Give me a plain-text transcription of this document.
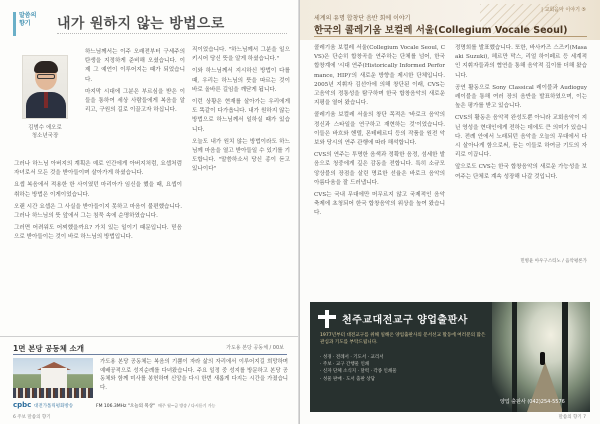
말씀의
향기	내가 원하지 않는 방법으로
김범수 에오로
청소년국장
하느님께서는 이주 오래전부터 구세주의 탄생을 지정하게 준비해 오셨습니다. 이제 그 예언이 이루어지는 때가 되었습니다.
마지막 시대에 그분은 부르심을 받은 이들을 통하여 세상 사람들에게 복음을 알리고, 구원의 길로 이끌고자 하십니다.
그러나 하느님 아버지의 계획은 예로 인간에게 아버지처럼, 요셉처럼 자녀로서 모든 것을 받아들이며 살아가게 하셨습니다.
요셉 복음에서 적용한 한 사이였던 마리아가 임신을 했을 때, 요셉이 취하는 방법은 이게이었습니다.
오랜 시간 요셉은 그 사실을 받아들이지 못하고 마음이 불편했습니다. 그러나 하느님의 뜻 앞에서 그는 침묵 속에 순명하였습니다.
그러면 어려워도 어찌했을까요? 가치 있는 일이기 때문입니다. 믿음으로 받아들이는 것이 바로 하느님의 방법입니다.
직이었습니다. "하느님께서 그분을 일으키시어 당신 뜻을 알게 하셨습니다."
이와 하느님께서 지시하신 방법이 다를 때, 우리는 하느님의 뜻을 따르는 것이 바로 올바른 길임을 깨닫게 됩니다.
이런 상황은 현재를 살아가는 우리에게도 똑같이 다가옵니다. 내가 원하지 않는 방법으로 하느님께서 일하실 때가 있습니다.
오늘도 내가 원치 않는 방법이라도 하느님께 마음을 열고 받아들일 수 있기를 기도합니다. "말씀하소서 당신 종이 듣고 있나이다"
1면 본당 공동체 소개	가도용 본당 공동체 / 00보
가도용 본당 공동체는 복음의 기쁨이 자라 삶의 자리에서 이루어지길 희망하며 예배공적으로 성지순례를 다녀왔습니다. 주요 일정 중 성지를 방문하고 본당 공동체와 함께 미사를 봉헌하며 신앙을 다시 한번 새롭게 다지는 시간을 가졌습니다.
cpbc 대전가톨릭평화방송	FM 106.3MHz "오늘의 묵상" 매주 월~금 방송 / 다시듣기 가능
6 주보 말씀의 향기
| 교회음악 이야기 ⑤
세계의 유명 합창단 음반 회에 이야기
한국의 콜레기움 보컬레 서울(Collegium Vocale Seoul)
콜레기움 보컬레 서울(Collegium Vocale Seoul, CVS)은 단순히 합창곡을 연주하는 단체를 넘어, 한국 합창계에 '시대 연주(Historically Informed Performance, HIP)'의 새로운 방향을 제시한 단체입니다. 2005년 지휘자 김선아에 의해 창단된 이래, CVS는 고음악의 정통성을 탐구하며 한국 합창음악의 새로운 지평을 열어 왔습니다.
콜레기움 보컬레 서울의 창단 목적은 '바로크 음악의 정신과 스타일을 연구하고 재현하는 것'이었습니다. 이들은 바흐와 헨델, 몬테베르디 등의 작품을 원전 악보와 당시의 연주 관행에 따라 해석합니다.
CVS의 연주는 투명한 음색과 정확한 음정, 섬세한 발음으로 청중에게 깊은 감동을 전합니다. 특히 소규모 앙상블의 장점을 살린 명료한 선율은 바로크 음악의 아름다움을 잘 드러냅니다.
CVS는 국내 무대에만 머무르지 않고 국제적인 음악 축제에 초청되어 한국 합창음악의 위상을 높여 왔습니다.
정명희를 발표했습니다. 또한, 바사카즈 스즈키(Masaaki Suzuki), 헤르만 막스, 리얼 하이페르 등 세계적인 지휘자들과의 협연을 통해 음악적 깊이를 더해 왔습니다.
공연 활동으로 Sony Classical 레이블과 Audioguy 레이블을 통해 여러 장의 음반을 발표하였으며, 이는 높은 평가를 받고 있습니다.
CVS의 활동은 음악적 완성도뿐 아니라 교회음악이 지닌 영성을 현대인에게 전하는 데에도 큰 의미가 있습니다. 전례 안에서 노래되던 음악을 오늘의 무대에서 다시 살아나게 함으로써, 듣는 이들로 하여금 기도의 자리로 이끕니다.
앞으로도 CVS는 한국 합창음악의 새로운 가능성을 보여주는 단체로 계속 성장해 나갈 것입니다.
민병윤 아우구스티노 / 음악평론가
천주교대전교구 양업출판사
1977년부터 대전교구를 위해 일해온 양업출판사의 문서선교 활동에 여러분의 많은 관심과 기도를 부탁드립니다.
· 성경 · 전례서 · 기도서 · 교리서
· 주보 · 교구 간행물 인쇄
· 신자 단체 소식지 · 달력 · 각종 인쇄물
· 성물 판매 · 도서 출판 상담
양업 출판사 (042)254-5576
말씀의 향기 7
